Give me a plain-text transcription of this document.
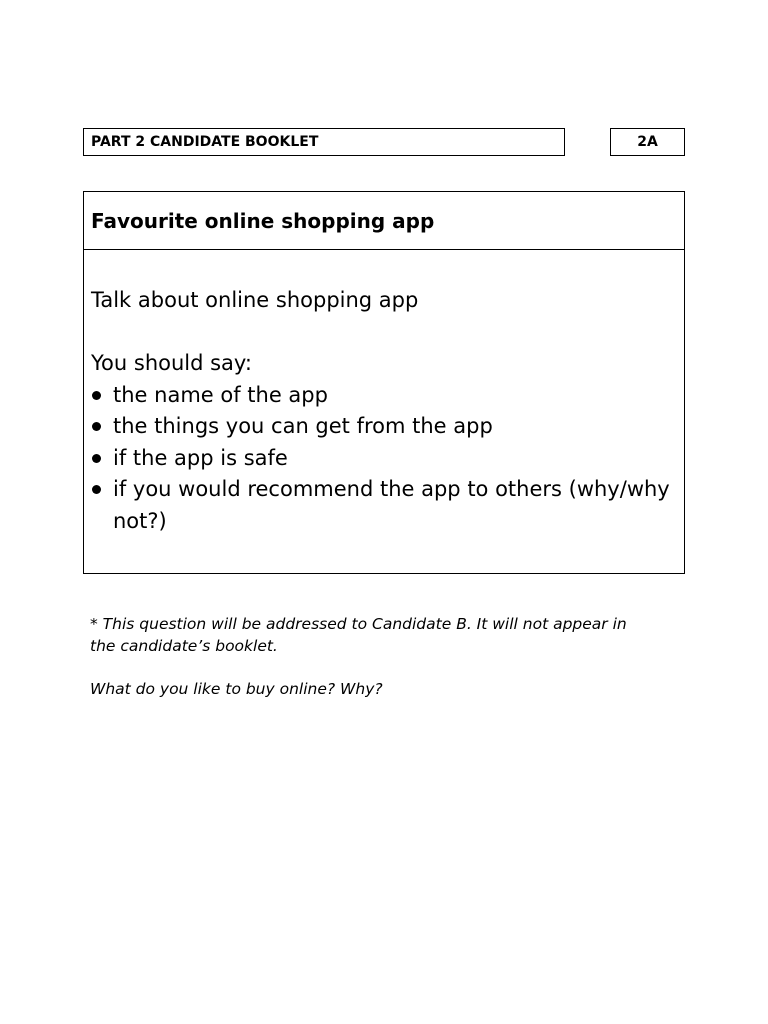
PART 2 CANDIDATE BOOKLET	2A
Favourite online shopping app

Talk about online shopping app

You should say:

the name of the app
the things you can get from the app
if the app is safe
if you would recommend the app to others (why/why not?)

* This question will be addressed to Candidate B. It will not appear in the candidate’s booklet.

What do you like to buy online? Why?
